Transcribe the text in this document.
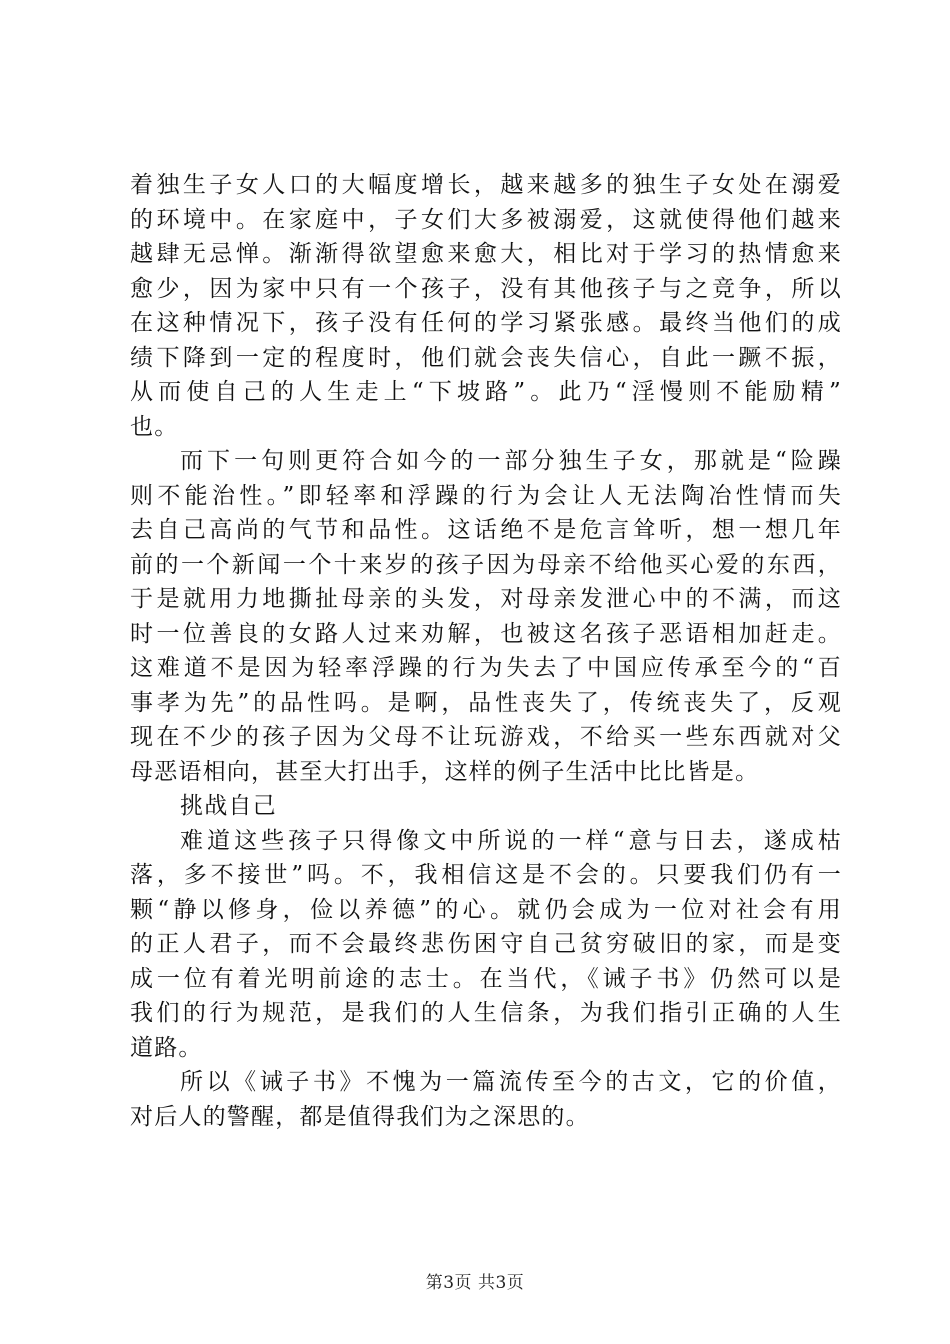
着独生子女人口的大幅度增长，越来越多的独生子女处在溺爱
的环境中。在家庭中，子女们大多被溺爱，这就使得他们越来
越肆无忌惮。渐渐得欲望愈来愈大，相比对于学习的热情愈来
愈少，因为家中只有一个孩子，没有其他孩子与之竞争，所以
在这种情况下，孩子没有任何的学习紧张感。最终当他们的成
绩下降到一定的程度时，他们就会丧失信心，自此一蹶不振，
从而使自己的人生走上“下坡路”。此乃“淫慢则不能励精”
也。
而下一句则更符合如今的一部分独生子女，那就是“险躁
则不能治性。”即轻率和浮躁的行为会让人无法陶冶性情而失
去自己高尚的气节和品性。这话绝不是危言耸听，想一想几年
前的一个新闻一个十来岁的孩子因为母亲不给他买心爱的东西，
于是就用力地撕扯母亲的头发，对母亲发泄心中的不满，而这
时一位善良的女路人过来劝解，也被这名孩子恶语相加赶走。
这难道不是因为轻率浮躁的行为失去了中国应传承至今的“百
事孝为先”的品性吗。是啊，品性丧失了，传统丧失了，反观
现在不少的孩子因为父母不让玩游戏，不给买一些东西就对父
母恶语相向，甚至大打出手，这样的例子生活中比比皆是。
挑战自己
难道这些孩子只得像文中所说的一样“意与日去，遂成枯
落，多不接世”吗。不，我相信这是不会的。只要我们仍有一
颗“静以修身，俭以养德”的心。就仍会成为一位对社会有用
的正人君子，而不会最终悲伤困守自己贫穷破旧的家，而是变
成一位有着光明前途的志士。在当代，《诫子书》仍然可以是
我们的行为规范，是我们的人生信条，为我们指引正确的人生
道路。
所以《诫子书》不愧为一篇流传至今的古文，它的价值，
对后人的警醒，都是值得我们为之深思的。
第3页 共3页
